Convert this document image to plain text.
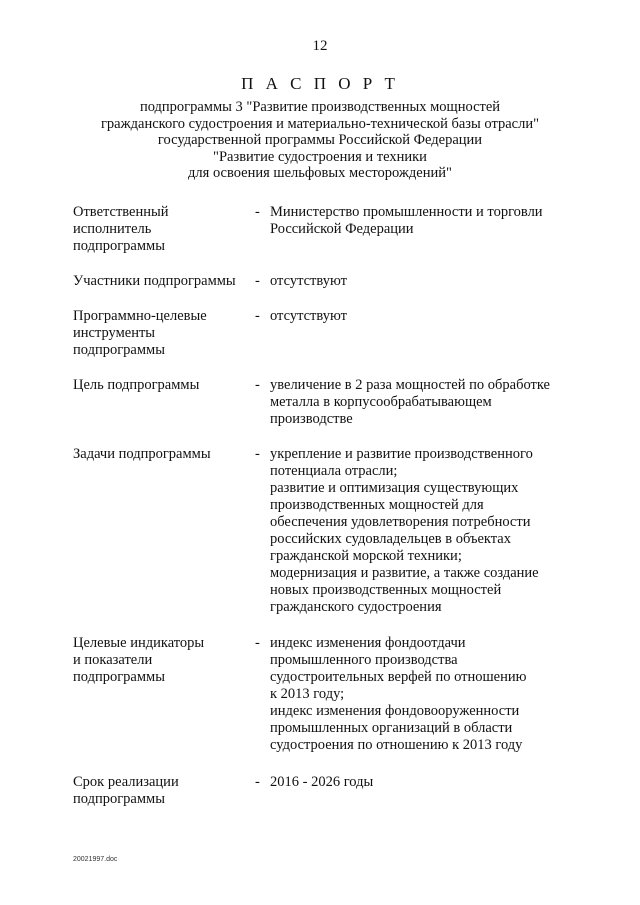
12
П А С П О Р Т
подпрограммы 3 "Развитие производственных мощностей
гражданского судостроения и материально-технической базы отрасли"
государственной программы Российской Федерации
"Развитие судостроения и техники
для освоения шельфовых месторождений"
Ответственный
исполнитель
подпрограммы
- Министерство промышленности и торговли
Российской Федерации
Участники подпрограммы	- отсутствуют
Программно-целевые
инструменты
подпрограммы
- отсутствуют
Цель подпрограммы	- увеличение в 2 раза мощностей по обработке
металла в корпусообрабатывающем
производстве
Задачи подпрограммы	- укрепление и развитие производственного
потенциала отрасли;
развитие и оптимизация существующих
производственных мощностей для
обеспечения удовлетворения потребности
российских судовладельцев в объектах
гражданской морской техники;
модернизация и развитие, а также создание
новых производственных мощностей
гражданского судостроения
Целевые индикаторы
и показатели
подпрограммы
- индекс изменения фондоотдачи
промышленного производства
судостроительных верфей по отношению
к 2013 году;
индекс изменения фондовооруженности
промышленных организаций в области
судостроения по отношению к 2013 году
Срок реализации
подпрограммы
- 2016 - 2026 годы
20021997.doc
